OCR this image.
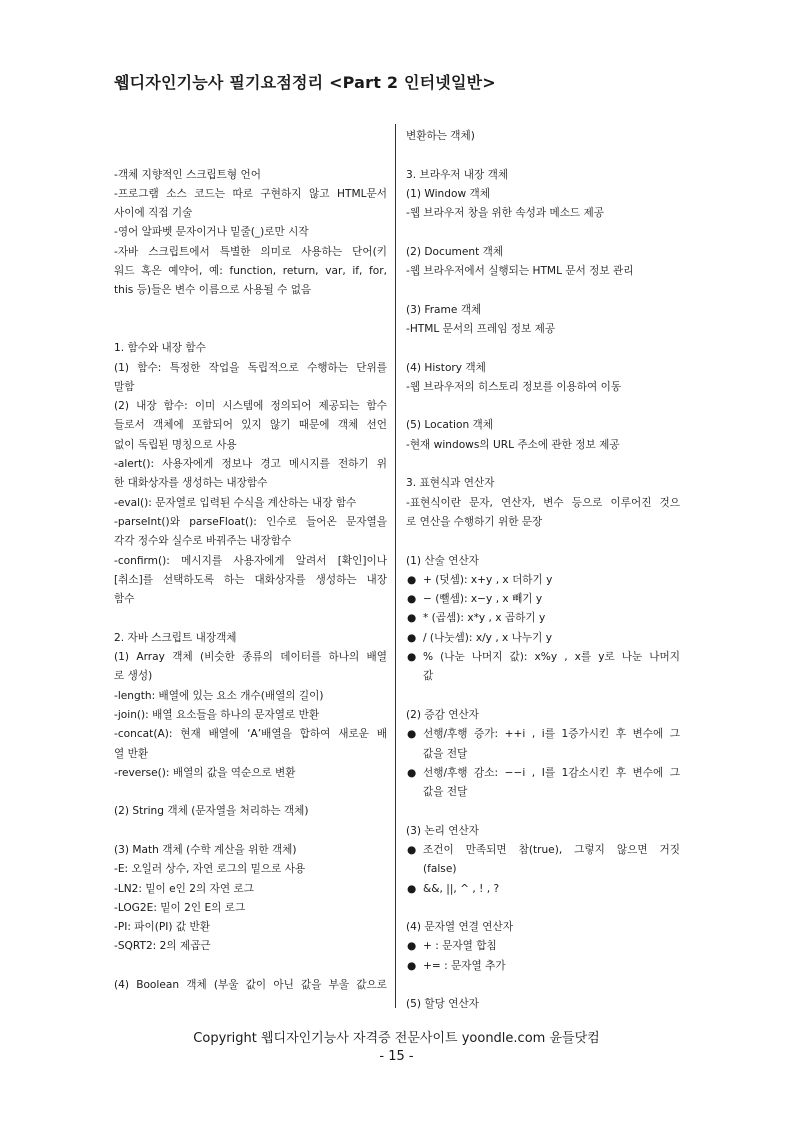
웹디자인기능사 필기요점정리 <Part 2 인터넷일반>

-객체 지향적인 스크립트형 언어
-프로그램 소스 코드는 따로 구현하지 않고 HTML문서
사이에 직접 기술
-영어 알파벳 문자이거나 밑줄(_)로만 시작
-자바 스크립트에서 특별한 의미로 사용하는 단어(키
워드 혹은 예약어, 예: function, return, var, if, for,
this 등)들은 변수 이름으로 사용될 수 없음
1. 함수와 내장 함수
(1) 함수: 특정한 작업을 독립적으로 수행하는 단위를
말함
(2) 내장 함수: 이미 시스템에 정의되어 제공되는 함수
들로서 객체에 포함되어 있지 않기 때문에 객체 선언
없이 독립된 명칭으로 사용
-alert(): 사용자에게 정보나 경고 메시지를 전하기 위
한 대화상자를 생성하는 내장함수
-eval(): 문자열로 입력된 수식을 계산하는 내장 함수
-parseInt()와 parseFloat(): 인수로 들어온 문자열을
각각 정수와 실수로 바꿔주는 내장함수
-confirm(): 메시지를 사용자에게 알려서 [확인]이나
[취소]를 선택하도록 하는 대화상자를 생성하는 내장
함수
2. 자바 스크립트 내장객체
(1) Array 객체 (비슷한 종류의 데이터를 하나의 배열
로 생성)
-length: 배열에 있는 요소 개수(배열의 길이)
-join(): 배열 요소들을 하나의 문자열로 반환
-concat(A): 현재 배열에 ‘A’배열을 합하여 새로운 배
열 반환
-reverse(): 배열의 값을 역순으로 변환
(2) String 객체 (문자열을 처리하는 객체)
(3) Math 객체 (수학 계산을 위한 객체)
-E: 오일러 상수, 자연 로그의 밑으로 사용
-LN2: 밑이 e인 2의 자연 로그
-LOG2E: 밑이 2인 E의 로그
-PI: 파이(PI) 값 반환
-SQRT2: 2의 제곱근
(4) Boolean 객체 (부울 값이 아닌 값을 부울 값으로
변환하는 객체)
3. 브라우저 내장 객체
(1) Window 객체
-웹 브라우저 창을 위한 속성과 메소드 제공
(2) Document 객체
-웹 브라우저에서 실행되는 HTML 문서 정보 관리
(3) Frame 객체
-HTML 문서의 프레임 정보 제공
(4) History 객체
-웹 브라우저의 히스토리 정보를 이용하여 이동
(5) Location 객체
-현재 windows의 URL 주소에 관한 정보 제공
3. 표현식과 연산자
-표현식이란 문자, 연산자, 변수 등으로 이루어진 것으
로 연산을 수행하기 위한 문장
(1) 산술 연산자
● + (덧셈): x+y , x 더하기 y
● − (뺄셈): x−y , x 빼기 y
● * (곱셈): x*y , x 곱하기 y
● / (나눗셈): x/y , x 나누기 y
● % (나눈 나머지 값): x%y , x를 y로 나눈 나머지
값
(2) 증감 연산자
● 선행/후행 증가: ++i , i를 1증가시킨 후 변수에 그
값을 전달
● 선행/후행 감소: −−i , I를 1감소시킨 후 변수에 그
값을 전달
(3) 논리 연산자
● 조건이 만족되면 참(true), 그렇지 않으면 거짓
(false)
● &&, ||, ^ , ! , ?
(4) 문자열 연결 연산자
● + : 문자열 합침
● += : 문자열 추가
(5) 할당 연산자
Copyright 웹디자인기능사 자격증 전문사이트 yoondle.com 윤들닷컴
- 15 -
